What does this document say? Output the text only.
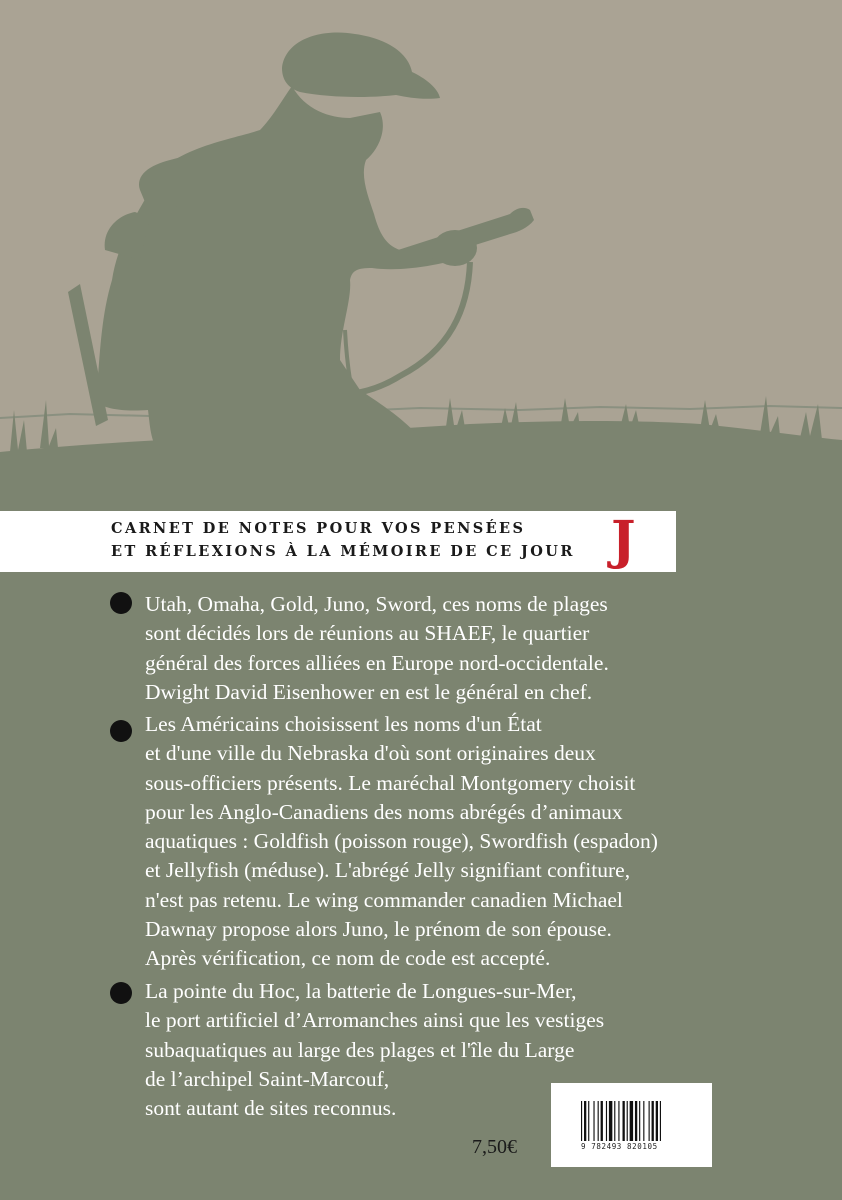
CARNET DE NOTES POUR VOS PENSÉES
ET RÉFLEXIONS À LA MÉMOIRE DE CE JOUR J

Utah, Omaha, Gold, Juno, Sword, ces noms de plages
sont décidés lors de réunions au SHAEF, le quartier
général des forces alliées en Europe nord-occidentale.
Dwight David Eisenhower en est le général en chef.

Les Américains choisissent les noms d'un État
et d'une ville du Nebraska d'où sont originaires deux
sous-officiers présents. Le maréchal Montgomery choisit
pour les Anglo-Canadiens des noms abrégés d’animaux
aquatiques : Goldfish (poisson rouge), Swordfish (espadon)
et Jellyfish (méduse). L'abrégé Jelly signifiant confiture,
n'est pas retenu. Le wing commander canadien Michael
Dawnay propose alors Juno, le prénom de son épouse.
Après vérification, ce nom de code est accepté.

La pointe du Hoc, la batterie de Longues-sur-Mer,
le port artificiel d’Arromanches ainsi que les vestiges
subaquatiques au large des plages et l'île du Large
de l’archipel Saint-Marcouf,
sont autant de sites reconnus.

9 782493 820105
7,50€
